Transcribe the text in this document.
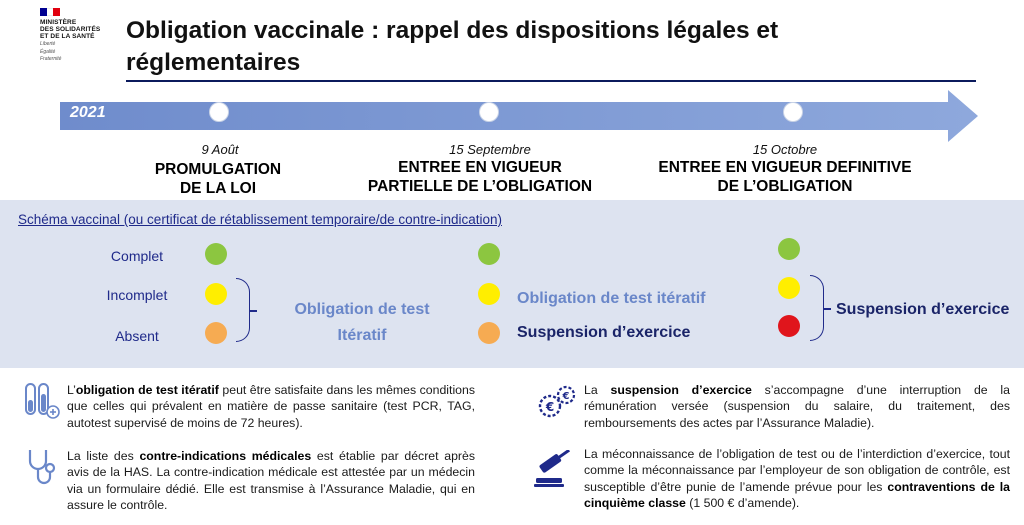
MINISTÈRE
DES SOLIDARITÉS
ET DE LA SANTÉ
Liberté
Égalité
Fraternité
Obligation vaccinale : rappel des dispositions légales et réglementaires
2021
9 Août
PROMULGATION
DE LA LOI
15 Septembre
ENTREE EN VIGUEUR
PARTIELLE DE L’OBLIGATION
15 Octobre
ENTREE EN VIGUEUR DEFINITIVE
DE L’OBLIGATION
Schéma vaccinal (ou certificat de rétablissement temporaire/de contre-indication)
Complet
Incomplet
Absent
Obligation de test
Itératif
Obligation de test itératif
Suspension d’exercice
Suspension d’exercice
L’obligation de test itératif peut être satisfaite dans les mêmes conditions que celles qui prévalent en matière de passe sanitaire (test PCR, TAG, autotest supervisé de moins de 72 heures).
La liste des contre-indications médicales est établie par décret après avis de la HAS. La contre-indication médicale est attestée par un médecin via un formulaire dédié. Elle est transmise à l’Assurance Maladie, qui en assure le contrôle.
€
€ La suspension d’exercice s’accompagne d’une interruption de la rémunération versée (suspension du salaire, du traitement, des remboursements des actes par l’Assurance Maladie).
La méconnaissance de l’obligation de test ou de l’interdiction d’exercice, tout comme la méconnaissance par l’employeur de son obligation de contrôle, est susceptible d’être punie de l’amende prévue pour les contraventions de la cinquième classe (1 500 € d’amende).
